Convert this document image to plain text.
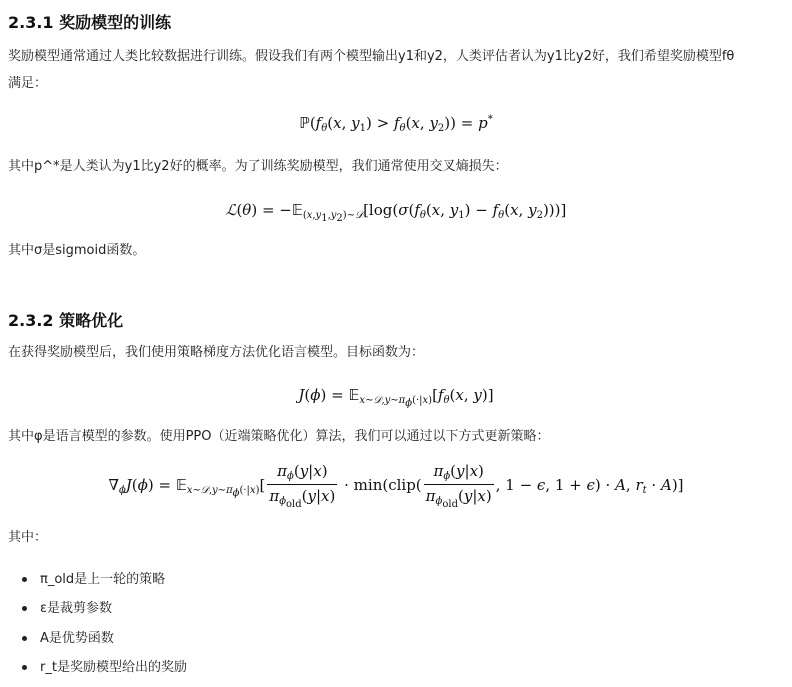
2.3.1 奖励模型的训练
奖励模型通常通过人类比较数据进行训练。假设我们有两个模型输出y1和y2，人类评估者认为y1比y2好，我们希望奖励模型fθ
满足：
$ℙ(f_\theta(x$, $y_1) > f_\theta(x$, $y_2)) = p^*$
其中p^*是人类认为y1比y2好的概率。为了训练奖励模型，我们通常使用交叉熵损失：
ℒ(θ) = $-𝔼_{(x,y_1,y_2)\sim 𝒟}[\log(\sigma(f_\theta(x$, $y_1) - f_\theta(x$, $y_2$)))]
其中σ是sigmoid函数。
2.3.2 策略优化
在获得奖励模型后，我们使用策略梯度方法优化语言模型。目标函数为：
$J(\phi) = 𝔼_{x\sim 𝒟,y\sim\pi_\phi(\cdot|x)}[f_\theta(x$, y)]
其中φ是语言模型的参数。使用PPO（近端策略优化）算法，我们可以通过以下方式更新策略：
$\nabla_\phi J(\phi)$ = 𝔼$_{x\sim 𝒟,y\sim\pi_\phi(\cdot|x)}$[ $\frac{\pi_\phi(y|x)}{\pi_{\phi_{old}}(y|x)}$ · min(clip( $\frac{\pi_\phi(y|x)}{\pi_{\phi_{old}}(y|x)}$ , 1 − ϵ, 1 + ϵ) · A, $r_t \cdot A$)]
其中：
π_old是上一轮的策略
ε是裁剪参数
A是优势函数
r_t是奖励模型给出的奖励
